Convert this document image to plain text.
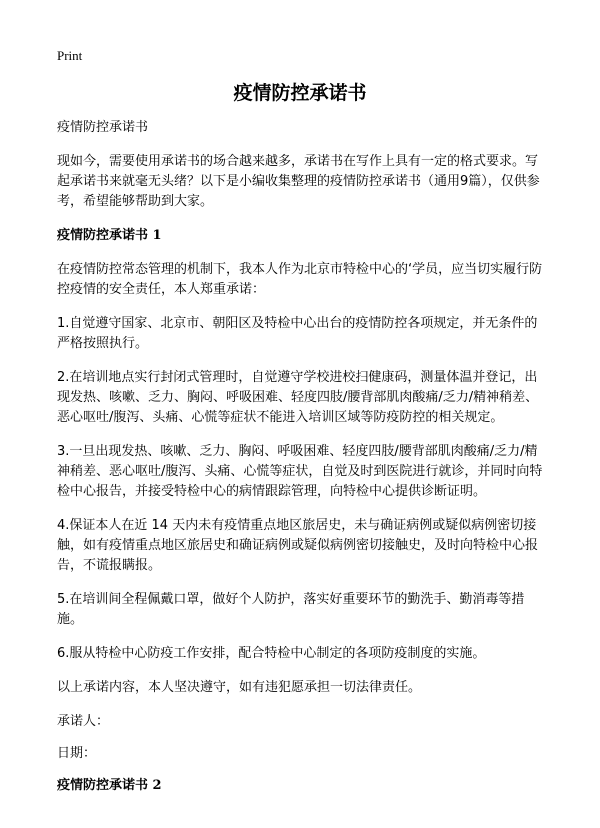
Print
疫情防控承诺书

疫情防控承诺书

现如今，需要使用承诺书的场合越来越多，承诺书在写作上具有一定的格式要求。写起承诺书来就毫无头绪？以下是小编收集整理的疫情防控承诺书（通用9篇），仅供参考，希望能够帮助到大家。

疫情防控承诺书 1

在疫情防控常态管理的机制下，我本人作为北京市特检中心的‘学员，应当切实履行防控疫情的安全责任，本人郑重承诺：

1.自觉遵守国家、北京市、朝阳区及特检中心出台的疫情防控各项规定，并无条件的严格按照执行。

2.在培训地点实行封闭式管理时，自觉遵守学校进校扫健康码，测量体温并登记，出现发热、咳嗽、乏力、胸闷、呼吸困难、轻度四肢/腰背部肌肉酸痛/乏力/精神稍差、恶心呕吐/腹泻、头痛、心慌等症状不能进入培训区域等防疫防控的相关规定。

3.一旦出现发热、咳嗽、乏力、胸闷、呼吸困难、轻度四肢/腰背部肌肉酸痛/乏力/精神稍差、恶心呕吐/腹泻、头痛、心慌等症状，自觉及时到医院进行就诊，并同时向特检中心报告，并接受特检中心的病情跟踪管理，向特检中心提供诊断证明。

4.保证本人在近 14 天内未有疫情重点地区旅居史，未与确证病例或疑似病例密切接触，如有疫情重点地区旅居史和确证病例或疑似病例密切接触史，及时向特检中心报告，不谎报瞒报。

5.在培训间全程佩戴口罩，做好个人防护，落实好重要环节的勤洗手、勤消毒等措施。

6.服从特检中心防疫工作安排，配合特检中心制定的各项防疫制度的实施。

以上承诺内容，本人坚决遵守，如有违犯愿承担一切法律责任。

承诺人：

日期：

疫情防控承诺书 2
